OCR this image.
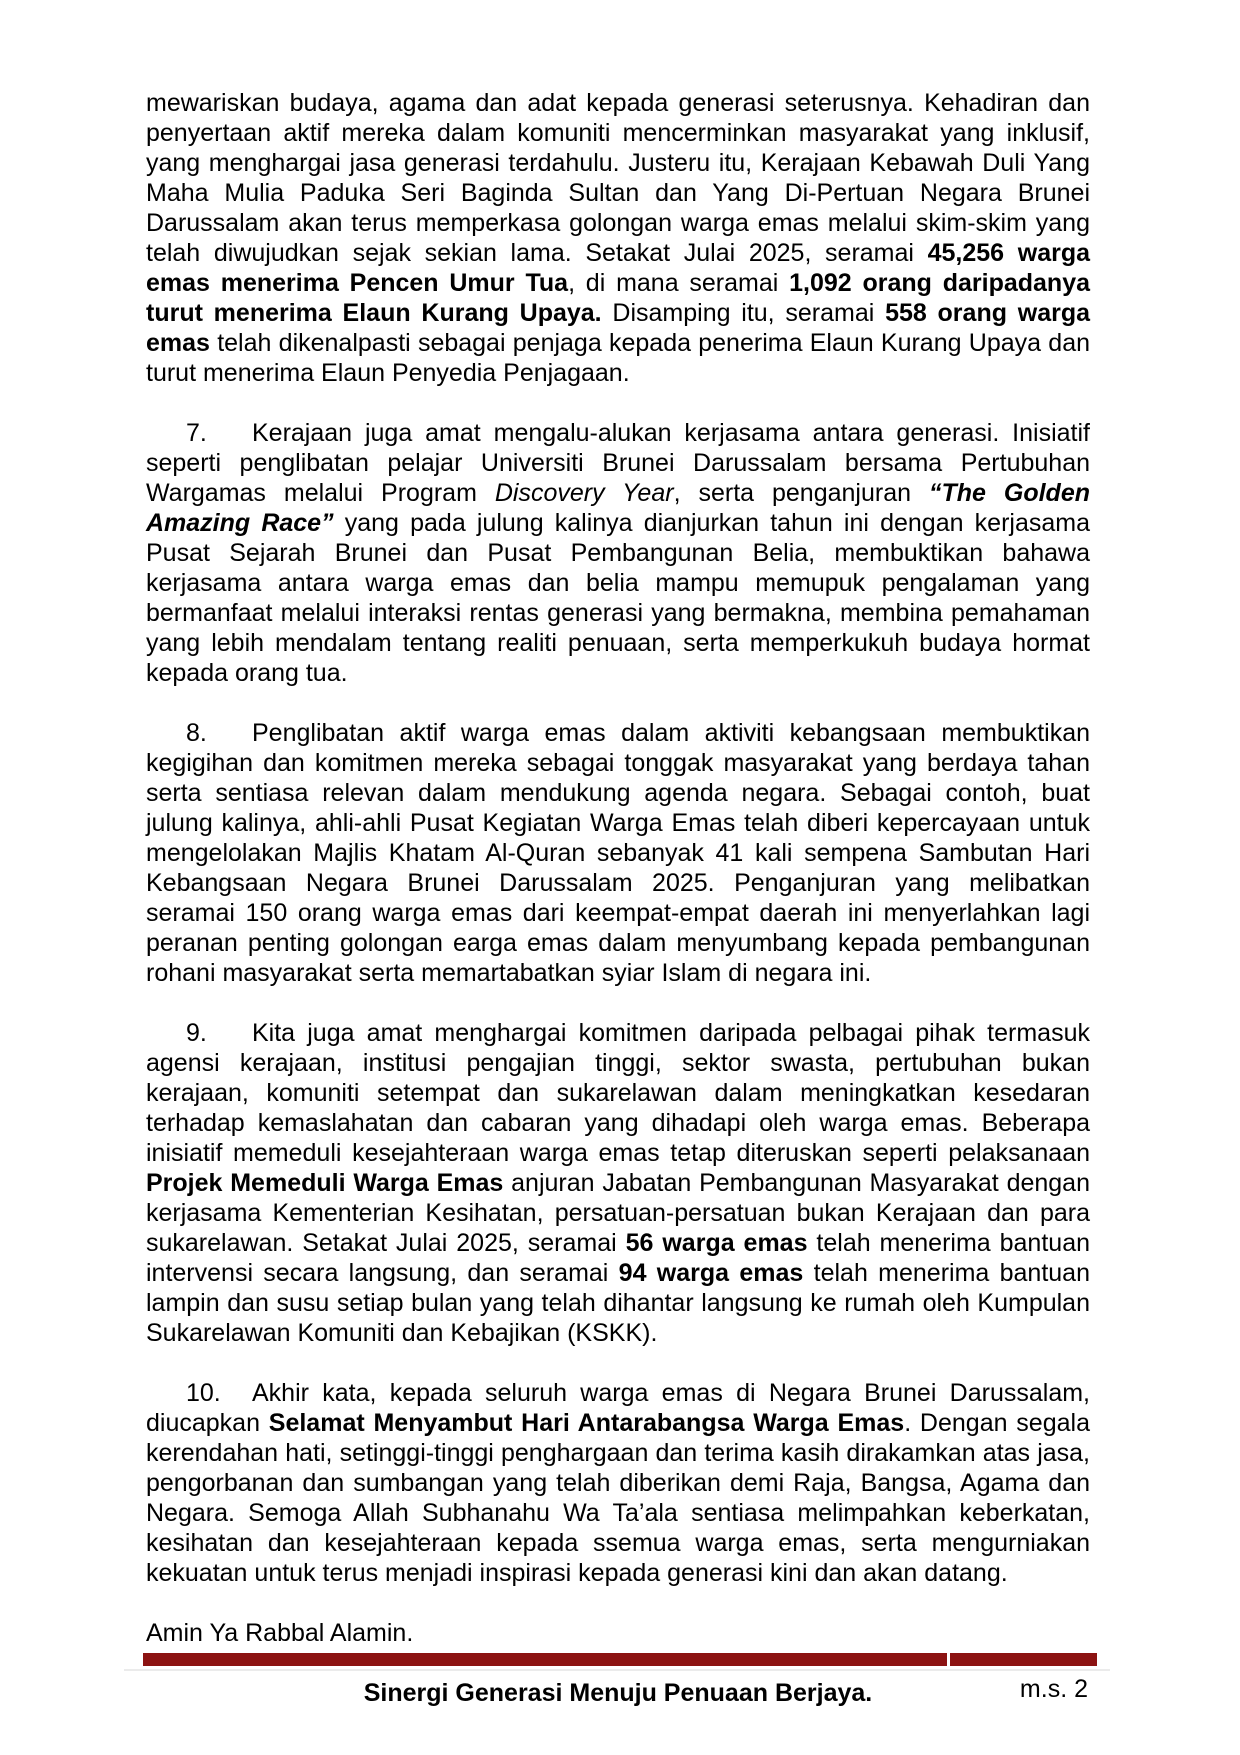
mewariskan budaya, agama dan adat kepada generasi seterusnya. Kehadiran dan penyertaan aktif mereka dalam komuniti mencerminkan masyarakat yang inklusif, yang menghargai jasa generasi terdahulu. Justeru itu, Kerajaan Kebawah Duli Yang Maha Mulia Paduka Seri Baginda Sultan dan Yang Di-Pertuan Negara Brunei Darussalam akan terus memperkasa golongan warga emas melalui skim-skim yang telah diwujudkan sejak sekian lama. Setakat Julai 2025, seramai 45,256 warga emas menerima Pencen Umur Tua, di mana seramai 1,092 orang daripadanya turut menerima Elaun Kurang Upaya. Disamping itu, seramai 558 orang warga emas telah dikenalpasti sebagai penjaga kepada penerima Elaun Kurang Upaya dan turut menerima Elaun Penyedia Penjagaan.

7. Kerajaan juga amat mengalu-alukan kerjasama antara generasi. Inisiatif seperti penglibatan pelajar Universiti Brunei Darussalam bersama Pertubuhan Wargamas melalui Program Discovery Year, serta penganjuran “The Golden Amazing Race” yang pada julung kalinya dianjurkan tahun ini dengan kerjasama Pusat Sejarah Brunei dan Pusat Pembangunan Belia, membuktikan bahawa kerjasama antara warga emas dan belia mampu memupuk pengalaman yang bermanfaat melalui interaksi rentas generasi yang bermakna, membina pemahaman yang lebih mendalam tentang realiti penuaan, serta memperkukuh budaya hormat kepada orang tua.

8. Penglibatan aktif warga emas dalam aktiviti kebangsaan membuktikan kegigihan dan komitmen mereka sebagai tonggak masyarakat yang berdaya tahan serta sentiasa relevan dalam mendukung agenda negara. Sebagai contoh, buat julung kalinya, ahli-ahli Pusat Kegiatan Warga Emas telah diberi kepercayaan untuk mengelolakan Majlis Khatam Al-Quran sebanyak 41 kali sempena Sambutan Hari Kebangsaan Negara Brunei Darussalam 2025. Penganjuran yang melibatkan seramai 150 orang warga emas dari keempat-empat daerah ini menyerlahkan lagi peranan penting golongan earga emas dalam menyumbang kepada pembangunan rohani masyarakat serta memartabatkan syiar Islam di negara ini.

9. Kita juga amat menghargai komitmen daripada pelbagai pihak termasuk agensi kerajaan, institusi pengajian tinggi, sektor swasta, pertubuhan bukan kerajaan, komuniti setempat dan sukarelawan dalam meningkatkan kesedaran terhadap kemaslahatan dan cabaran yang dihadapi oleh warga emas. Beberapa inisiatif memeduli kesejahteraan warga emas tetap diteruskan seperti pelaksanaan Projek Memeduli Warga Emas anjuran Jabatan Pembangunan Masyarakat dengan kerjasama Kementerian Kesihatan, persatuan-persatuan bukan Kerajaan dan para sukarelawan. Setakat Julai 2025, seramai 56 warga emas telah menerima bantuan intervensi secara langsung, dan seramai 94 warga emas telah menerima bantuan lampin dan susu setiap bulan yang telah dihantar langsung ke rumah oleh Kumpulan Sukarelawan Komuniti dan Kebajikan (KSKK).

10. Akhir kata, kepada seluruh warga emas di Negara Brunei Darussalam, diucapkan Selamat Menyambut Hari Antarabangsa Warga Emas. Dengan segala kerendahan hati, setinggi-tinggi penghargaan dan terima kasih dirakamkan atas jasa, pengorbanan dan sumbangan yang telah diberikan demi Raja, Bangsa, Agama dan Negara. Semoga Allah Subhanahu Wa Ta’ala sentiasa melimpahkan keberkatan, kesihatan dan kesejahteraan kepada ssemua warga emas, serta mengurniakan kekuatan untuk terus menjadi inspirasi kepada generasi kini dan akan datang.

Amin Ya Rabbal Alamin.

Sinergi Generasi Menuju Penuaan Berjaya.	m.s. 2
